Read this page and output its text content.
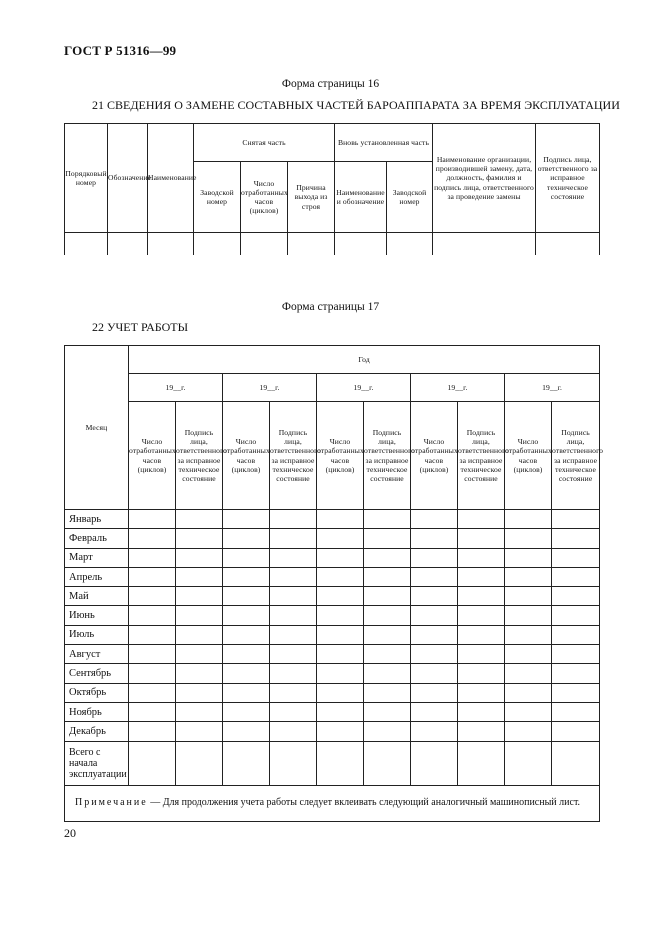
ГОСТ Р 51316—99
Форма страницы 16
21 СВЕДЕНИЯ О ЗАМЕНЕ СОСТАВНЫХ ЧАСТЕЙ БАРОАППАРАТА ЗА ВРЕМЯ ЭКСПЛУАТАЦИИ
Порядковый номер	Обозначение	Наименование	Снятая часть			Вновь установленная часть		Наименование организации, производившей замену, дата, должность, фамилия и подпись лица, ответственного за проведение замены	Подпись лица, ответственного за исправное техническое состояние
			Заводской номер	Число отработанных часов (циклов)	Причина выхода из строя	Наименование и обозначение	Заводской номер		

Форма страницы 17
22 УЧЕТ РАБОТЫ
Месяц	Год									
	19__г.		19__г.		19__г.		19__г.		19__г.	
	Число отработанных часов (циклов)	Подпись лица, ответственного за исправное техническое состояние	Число отработанных часов (циклов)	Подпись лица, ответственного за исправное техническое состояние	Число отработанных часов (циклов)	Подпись лица, ответственного за исправное техническое состояние	Число отработанных часов (циклов)	Подпись лица, ответственного за исправное техническое состояние	Число отработанных часов (циклов)	Подпись лица, ответственного за исправное техническое состояние
Январь										
Февраль										
Март										
Апрель										
Май										
Июнь										
Июль										
Август										
Сентябрь										
Октябрь										
Ноябрь										
Декабрь										
Всего с начала эксплуатации										
Примечание — Для продолжения учета работы следует вклеивать следующий аналогичный машинописный лист.										
20
